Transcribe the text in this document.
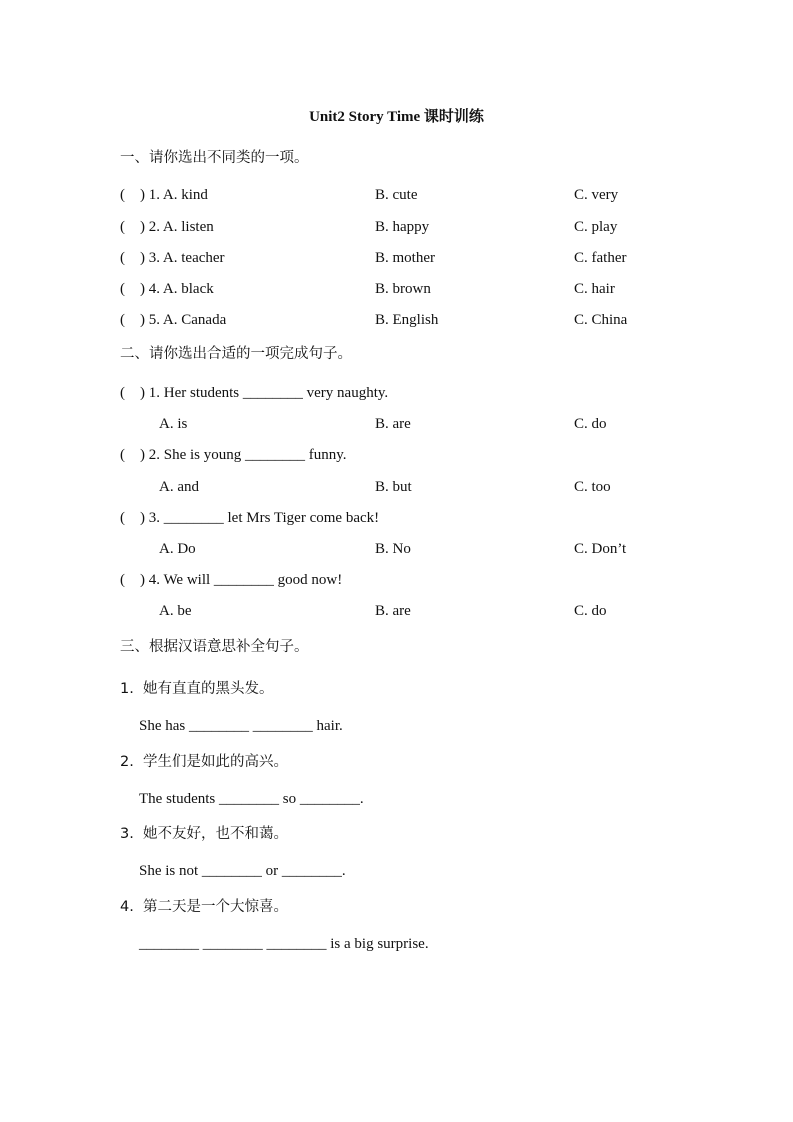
Unit2 Story Time 课时训练
一、请你选出不同类的一项。
(    ) 1. A. kind	B. cute	C. very
(    ) 2. A. listen	B. happy	C. play
(    ) 3. A. teacher	B. mother	C. father
(    ) 4. A. black	B. brown	C. hair
(    ) 5. A. Canada	B. English	C. China
二、请你选出合适的一项完成句子。
(    ) 1. Her students ________ very naughty.
A. is	B. are	C. do
(    ) 2. She is young ________ funny.
A. and	B. but	C. too
(    ) 3. ________ let Mrs Tiger come back!
A. Do	B. No	C. Don’t
(    ) 4. We will ________ good now!
A. be	B. are	C. do
三、根据汉语意思补全句子。
1.  她有直直的黑头发。
She has ________ ________ hair.
2.  学生们是如此的高兴。
The students ________ so ________.
3.  她不友好，也不和蔼。
She is not ________ or ________.
4.  第二天是一个大惊喜。
________ ________ ________ is a big surprise.
